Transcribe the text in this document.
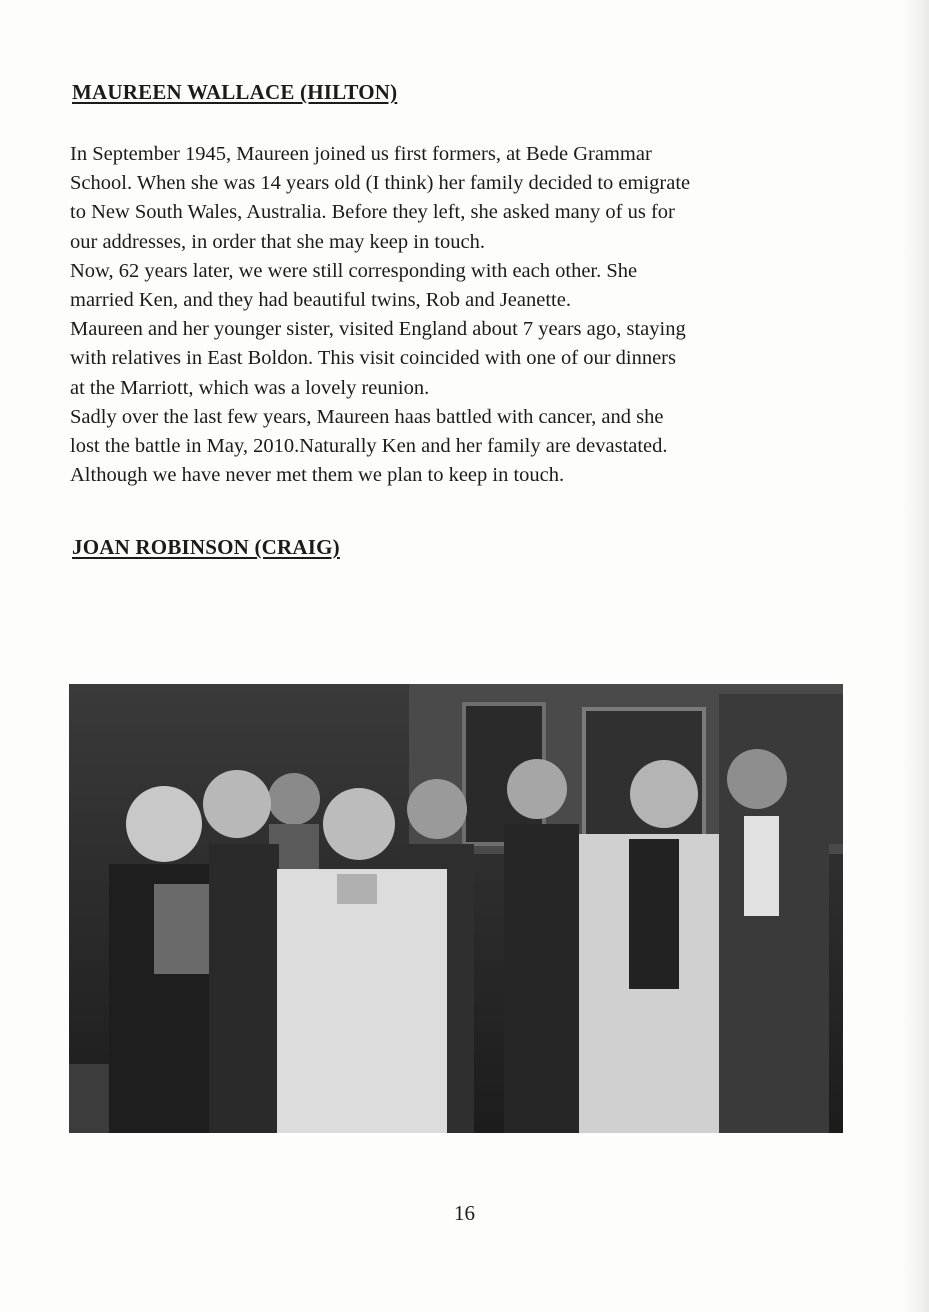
MAUREEN WALLACE (HILTON)

In September 1945, Maureen joined us first formers, at Bede Grammar

School. When she was 14 years old (I think) her family decided to emigrate

to New South Wales, Australia. Before they left, she asked many of us for

our addresses, in order that she may keep in touch.

Now, 62 years later, we were still corresponding with each other. She

married Ken, and they had beautiful twins, Rob and Jeanette.

Maureen and her younger sister, visited England about 7 years ago, staying

with relatives in East Boldon. This visit coincided with one of our dinners

at the Marriott, which was a lovely reunion.

Sadly over the last few years, Maureen haas battled with cancer, and she

lost the battle in May, 2010.Naturally Ken and her family are devastated.

Although we have never met them we plan to keep in touch.

JOAN ROBINSON (CRAIG)
16
